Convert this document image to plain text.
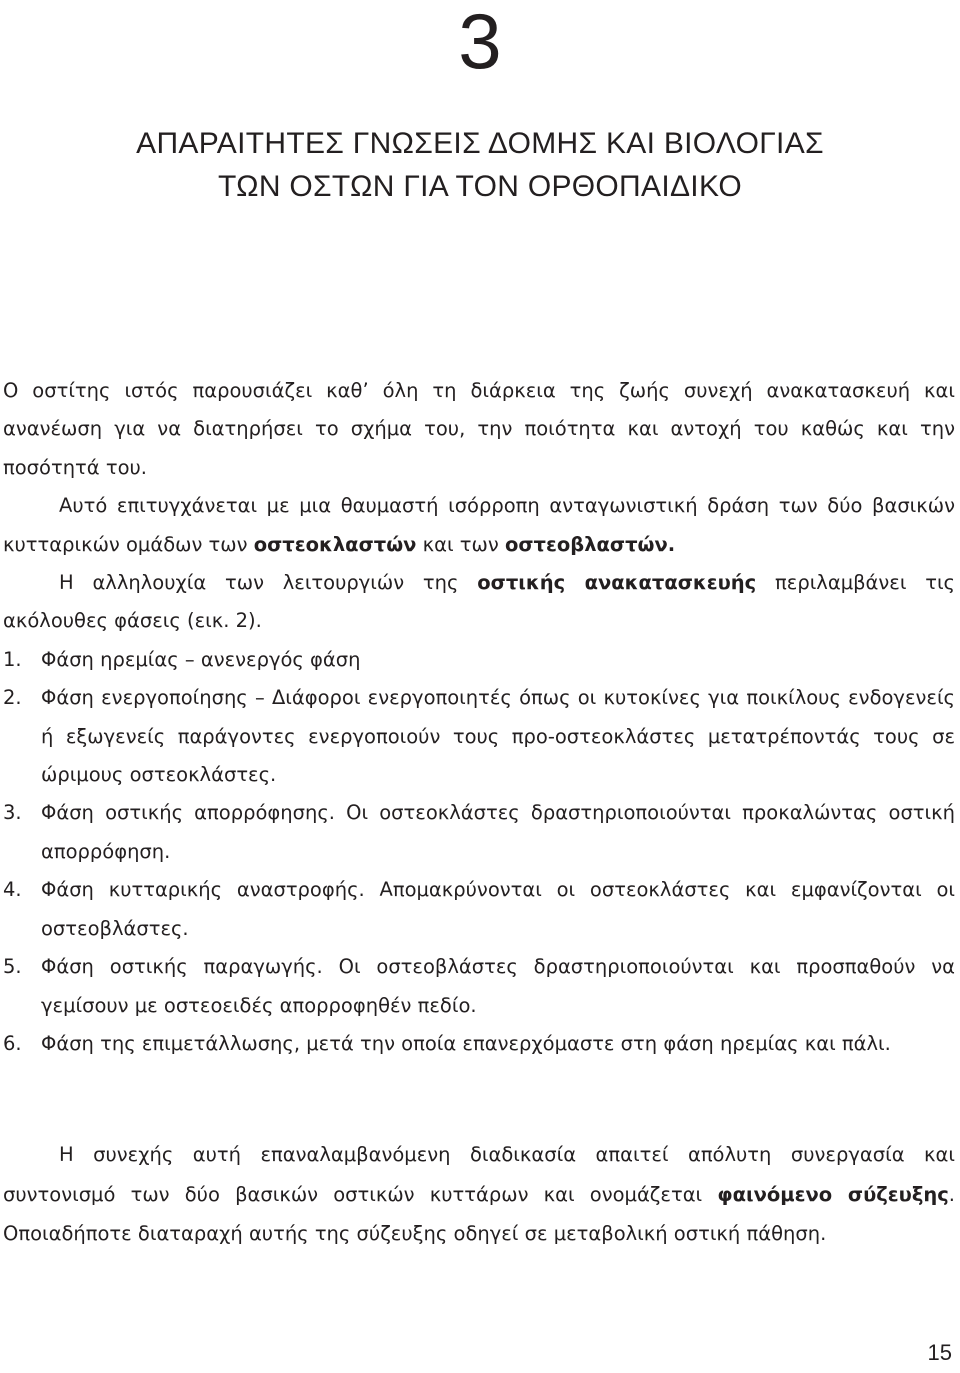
3
ΑΠΑΡΑΙΤΗΤΕΣ ΓΝΩΣΕΙΣ ΔΟΜΗΣ ΚΑΙ ΒΙΟΛΟΓΙΑΣ
ΤΩΝ ΟΣΤΩΝ ΓΙΑ ΤΟΝ ΟΡΘΟΠΑΙΔΙΚΟ

Ο οστίτης ιστός παρουσιάζει καθ’ όλη τη διάρκεια της ζωής συνεχή ανακατασκευή και ανανέωση για να διατηρήσει το σχήμα του, την ποιότητα και αντοχή του καθώς και την ποσότητά του.

Αυτό επιτυγχάνεται με μια θαυμαστή ισόρροπη ανταγωνιστική δράση των δύο βασικών κυτταρικών ομάδων των οστεοκλαστών και των οστεοβλαστών.

Η αλληλουχία των λειτουργιών της οστικής ανακατασκευής περιλαμβάνει τις ακόλουθες φάσεις (εικ. 2).

1. Φάση ηρεμίας – ανενεργός φάση
2. Φάση ενεργοποίησης – Διάφοροι ενεργοποιητές όπως οι κυτοκίνες για ποικίλους ενδογενείς ή εξωγενείς παράγοντες ενεργοποιούν τους προ-οστεοκλάστες μετατρέποντάς τους σε ώριμους οστεοκλάστες.
3. Φάση οστικής απορρόφησης. Οι οστεοκλάστες δραστηριοποιούνται προκαλώντας οστική απορρόφηση.
4. Φάση κυτταρικής αναστροφής. Απομακρύνονται οι οστεοκλάστες και εμφανίζονται οι οστεοβλάστες.
5. Φάση οστικής παραγωγής. Οι οστεοβλάστες δραστηριοποιούνται και προσπαθούν να γεμίσουν με οστεοειδές απορροφηθέν πεδίο.
6. Φάση της επιμετάλλωσης, μετά την οποία επανερχόμαστε στη φάση ηρεμίας και πάλι.

Η συνεχής αυτή επαναλαμβανόμενη διαδικασία απαιτεί απόλυτη συνεργασία και συντονισμό των δύο βασικών οστικών κυττάρων και ονομάζεται φαινόμενο σύζευξης. Οποιαδήποτε διαταραχή αυτής της σύζευξης οδηγεί σε μεταβολική οστική πάθηση.

15
